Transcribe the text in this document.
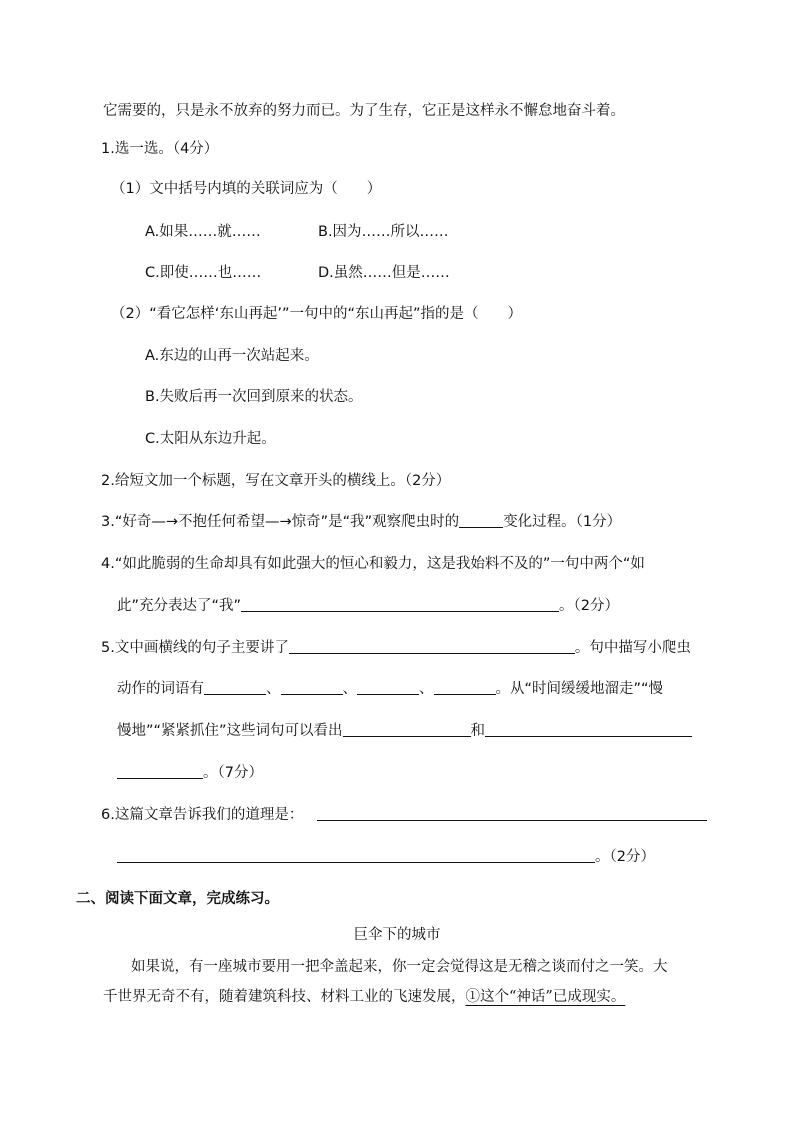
它需要的，只是永不放弃的努力而已。为了生存，它正是这样永不懈怠地奋斗着。
1.选一选。（4分）
（1）文中括号内填的关联词应为（　　）
A.如果……就……	B.因为……所以……
C.即使……也……	D.虽然……但是……
（2）“看它怎样‘东山再起’”一句中的“东山再起”指的是（　　）
A.东边的山再一次站起来。
B.失败后再一次回到原来的状态。
C.太阳从东边升起。
2.给短文加一个标题，写在文章开头的横线上。（2分）
3.“好奇—→不抱任何希望—→惊奇”是“我”观察爬虫时的	变化过程。（1分）
4.“如此脆弱的生命却具有如此强大的恒心和毅力，这是我始料不及的”一句中两个“如
此”充分表达了“我”	。（2分）
5.文中画横线的句子主要讲了	。句中描写小爬虫
动作的词语有	、	、	、	。从“时间缓缓地溜走”“慢
慢地”“紧紧抓住”这些词句可以看出	和
。（7分）
6.这篇文章告诉我们的道理是：
。（2分）
二、阅读下面文章，完成练习。
巨伞下的城市
如果说，有一座城市要用一把伞盖起来，你一定会觉得这是无稽之谈而付之一笑。大
千世界无奇不有，随着建筑科技、材料工业的飞速发展，①这个“神话”已成现实。
